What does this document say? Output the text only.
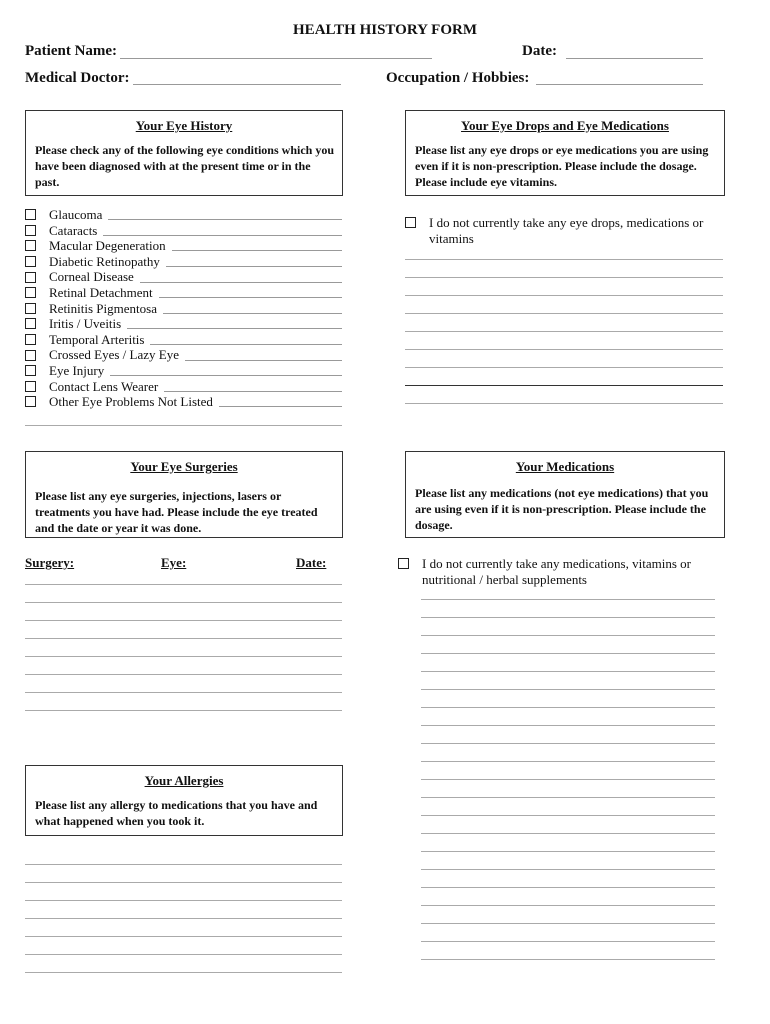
HEALTH HISTORY FORM
Patient Name:	Date:
Medical Doctor:	Occupation / Hobbies:
Your Eye History
Please check any of the following eye conditions which you have been diagnosed with at the present time or in the past.
Glaucoma
Cataracts
Macular Degeneration
Diabetic Retinopathy
Corneal Disease
Retinal Detachment
Retinitis Pigmentosa
Iritis / Uveitis
Temporal Arteritis
Crossed Eyes / Lazy Eye
Eye Injury
Contact Lens Wearer
Other Eye Problems Not Listed
Your Eye Drops and Eye Medications
Please list any eye drops or eye medications you are using even if it is non-prescription. Please include the dosage. Please include eye vitamins.
I do not currently take any eye drops, medications or vitamins
Your Eye Surgeries
Please list any eye surgeries, injections, lasers or treatments you have had. Please include the eye treated and the date or year it was done.
Surgery:	Eye:	Date:
Your Medications
Please list any medications (not eye medications) that you are using even if it is non-prescription. Please include the dosage.
I do not currently take any medications, vitamins or nutritional / herbal supplements
Your Allergies
Please list any allergy to medications that you have and what happened when you took it.
